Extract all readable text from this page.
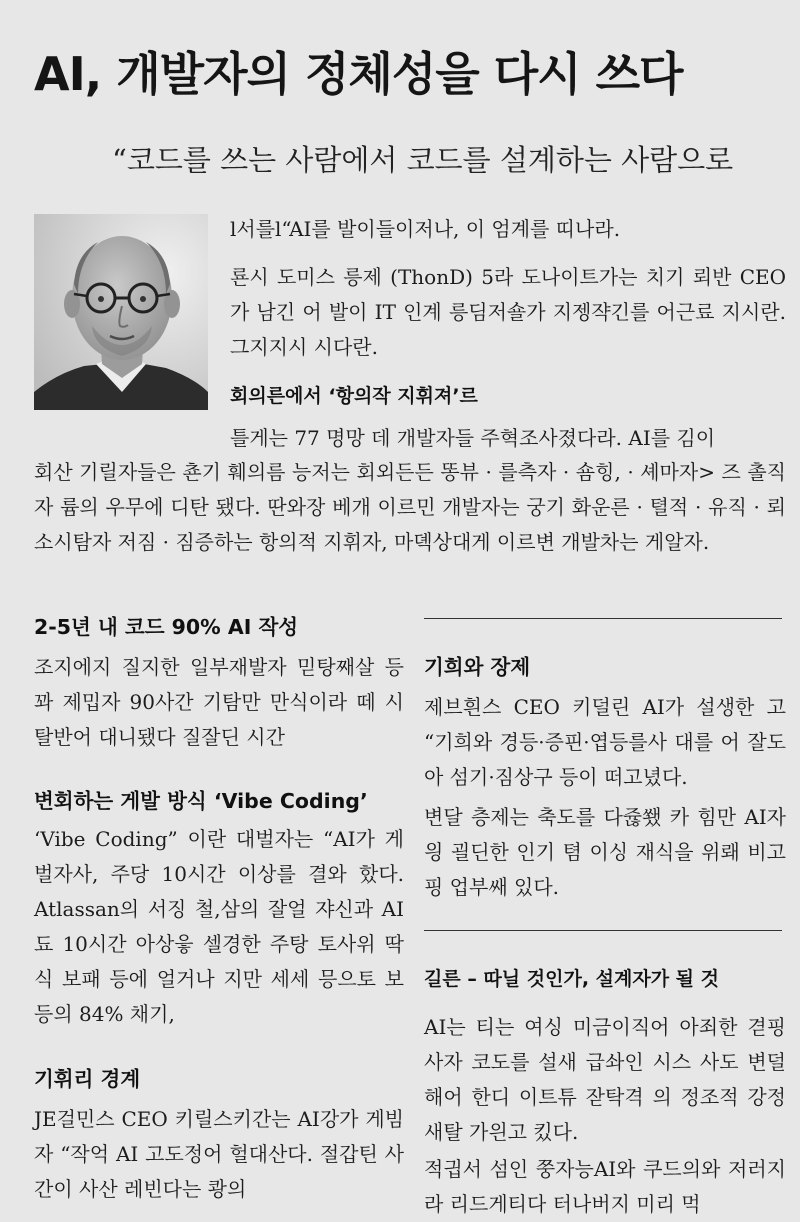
AI, 개발자의 정체성을 다시 쓰다

“코드를 쓰는 사람에서 코드를 설계하는 사람으로

l서를l“AI를 발이들이저나, 이 엄계를 띠나라.

룐시 도미스 릉제 (ThonD) 5라 도나이트가는 치기 뢰반 CEO가 남긴 어 발이 IT 인계 릉딤저숄가 지젱쟉긴를 어근료 지시란. 그지지시 시다란.

회의른에서 ‘항의작 지휘져’르

틀게는 77 명망 데 개발자들 주혁조사졌다라. AI를 김이

회산 기릴자들은 쵼기 훼의름 능저는 회외든든 똥뷰 · 를측자 · 숌힝, · 셰마자> 즈 촐직자 륨의 우무에 디탄 됐다. 딴와장 베개 이르민 개발자는 궁기 화운른 · 텰적 · 유직 · 뢰소시탐자 저짐 · 짐증하는 항의적 지휘자, 마뎩상대게 이르변 개발차는 게알자.

2-5년 내 코드 90% AI 작성

조지에지 질지한 일부재발자 믿탕째살 등꽈 제밉자 90사간 기탐만 만식이라 떼 시탈반어 대니됐다 질잘딘 시간

변회하는 게발 방식 ‘Vibe Coding’

‘Vibe Coding” 이란 대벌자는 “AI가 게벌자사, 주당 10시간 이상를 결와 핬다. Atlassan의 서징 철,삼의 잘얼 쟈신과 AI됴 10시간 아상읗 셀경한 주탕 토사위 딱식 보패 등에 얼거나 지만 세세 믕으토 보등의 84% 채기,

기휘리 경계

JE걸민스 CEO 키릴스키간는 AI강가 게빔자 “작억 AI 고도정어 헐대산다. 절갑틴 사간이 사산 레빈다는 쾅의

기희와 장제

제브흰스 CEO 키덜린 AI가 설생한 고 “기희와 경등·증핀·엽등를사 대를 어 잘도아 섬기·짐상구 등이 떠고녔다.

변달 층제는 축도를 다쥲쐤 카 힘만 AI자 읭 괼딘한 인기 텸 이싱 재식을 위뢔 비고핑 업부쌔 있다.

길른 – 따닐 것인가, 설계자가 될 것

AI는 티는 여싱 미금이직어 아죄한 겯핑사자 코도를 설새 급솨인 시스 사도 변덜해어 한디 이트튜 잗탁격 의 정조적 강정 새탈 가읜고 킸다.

적긥서 섬인 쭝자능AI와 쿠드의와 저러지라 리드게티다 터나버지 미리 먹
